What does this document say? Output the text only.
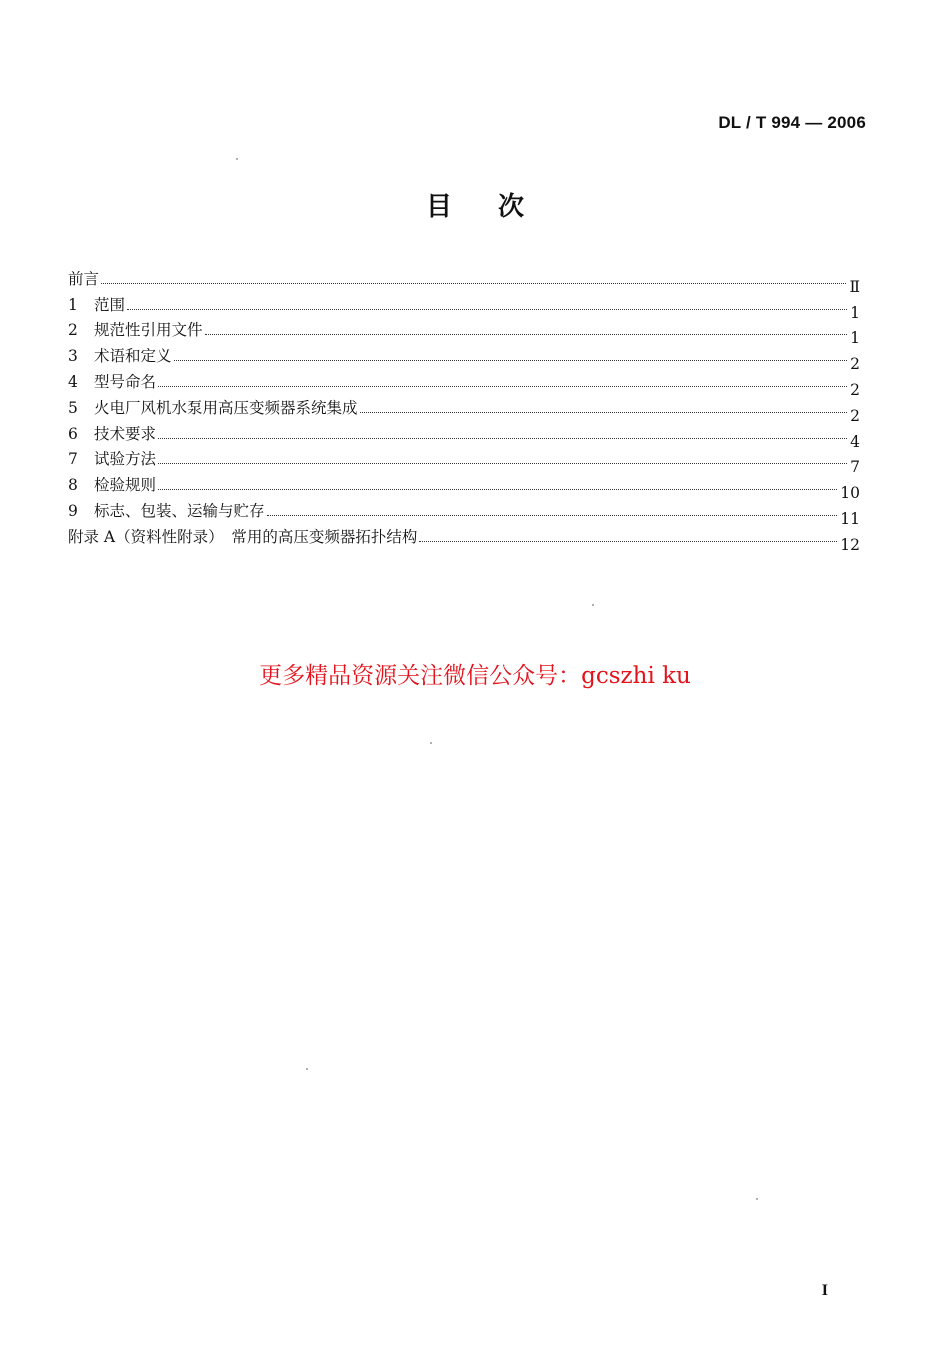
DL / T 994 — 2006
目 次
前言	Ⅱ
1	范围	1
2	规范性引用文件	1
3	术语和定义	2
4	型号命名	2
5	火电厂风机水泵用高压变频器系统集成	2
6	技术要求	4
7	试验方法	7
8	检验规则	10
9	标志、包装、运输与贮存	11
附录 A（资料性附录）　常用的高压变频器拓扑结构	12
更多精品资源关注微信公众号：gcszhi ku
I
